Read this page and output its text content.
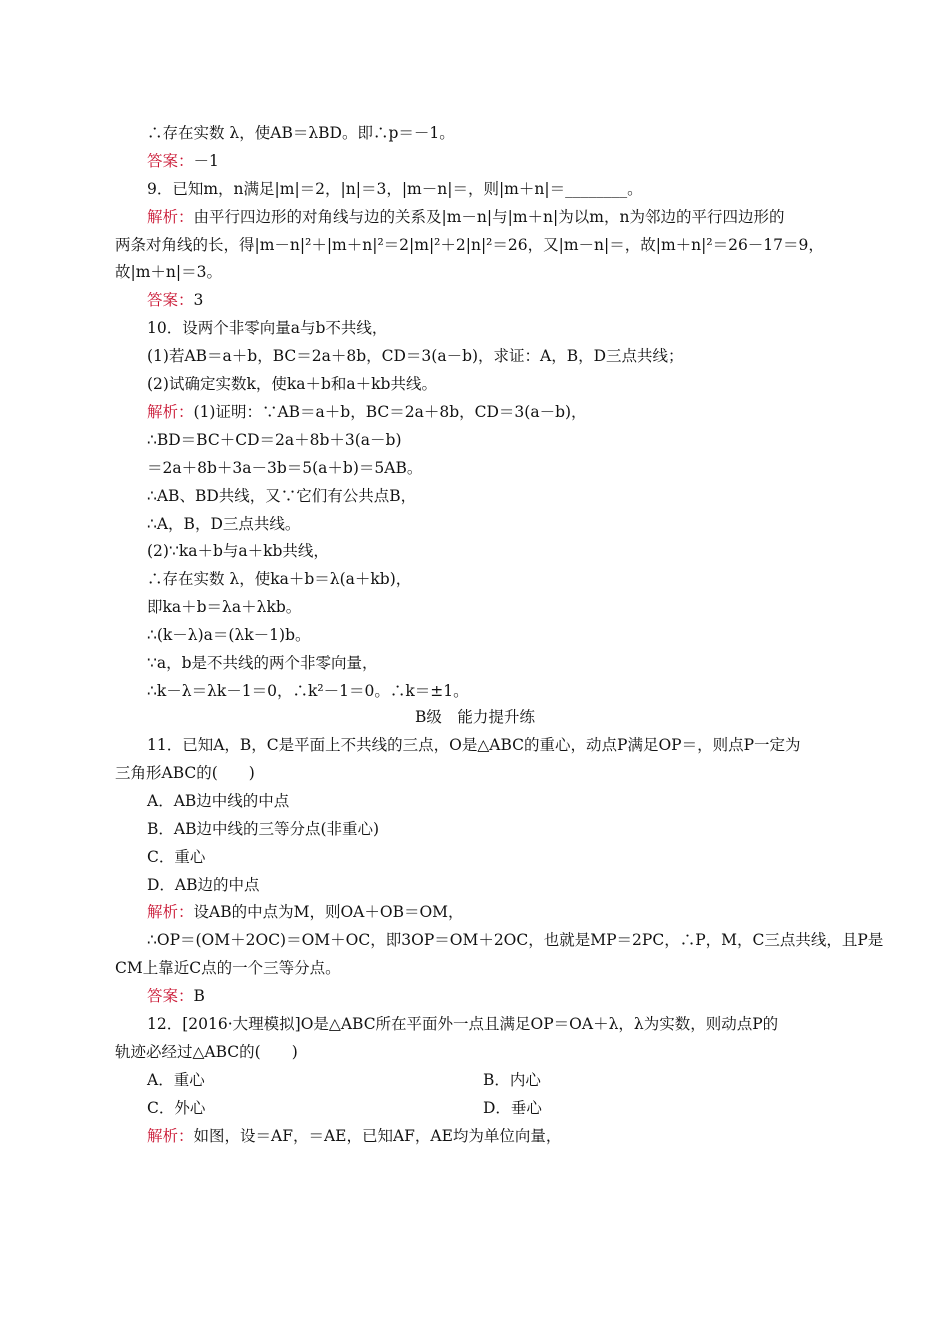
∴存在实数 λ，使AB＝λBD。即∴p＝－1。
答案：－1
9．已知m，n满足|m|＝2，|n|＝3，|m－n|＝，则|m＋n|＝________。
解析：由平行四边形的对角线与边的关系及|m－n|与|m＋n|为以m，n为邻边的平行四边形的
两条对角线的长，得|m－n|²＋|m＋n|²＝2|m|²＋2|n|²＝26，又|m－n|＝，故|m＋n|²＝26－17＝9，
故|m＋n|＝3。
答案：3
10．设两个非零向量a与b不共线，
(1)若AB＝a＋b，BC＝2a＋8b，CD＝3(a－b)，求证：A，B，D三点共线；
(2)试确定实数k，使ka＋b和a＋kb共线。
解析：(1)证明：∵AB＝a＋b，BC＝2a＋8b，CD＝3(a－b)，
∴BD＝BC＋CD＝2a＋8b＋3(a－b)
＝2a＋8b＋3a－3b＝5(a＋b)＝5AB。
∴AB、BD共线，又∵它们有公共点B，
∴A，B，D三点共线。
(2)∵ka＋b与a＋kb共线，
∴存在实数 λ，使ka＋b＝λ(a＋kb)，
即ka＋b＝λa＋λkb。
∴(k－λ)a＝(λk－1)b。
∵a，b是不共线的两个非零向量，
∴k－λ＝λk－1＝0，∴k²－1＝0。∴k＝±1。
B级　能力提升练
11．已知A，B，C是平面上不共线的三点，O是△ABC的重心，动点P满足OP＝，则点P一定为
三角形ABC的(　　)
A．AB边中线的中点
B．AB边中线的三等分点(非重心)
C．重心
D．AB边的中点
解析：设AB的中点为M，则OA＋OB＝OM，
∴OP＝(OM＋2OC)＝OM＋OC，即3OP＝OM＋2OC，也就是MP＝2PC，∴P，M，C三点共线，且P是
CM上靠近C点的一个三等分点。
答案：B
12．[2016·大理模拟]O是△ABC所在平面外一点且满足OP＝OA＋λ，λ为实数，则动点P的
轨迹必经过△ABC的(　　)
A．重心	B．内心
C．外心	D．垂心
解析：如图，设＝AF，＝AE，已知AF，AE均为单位向量，
